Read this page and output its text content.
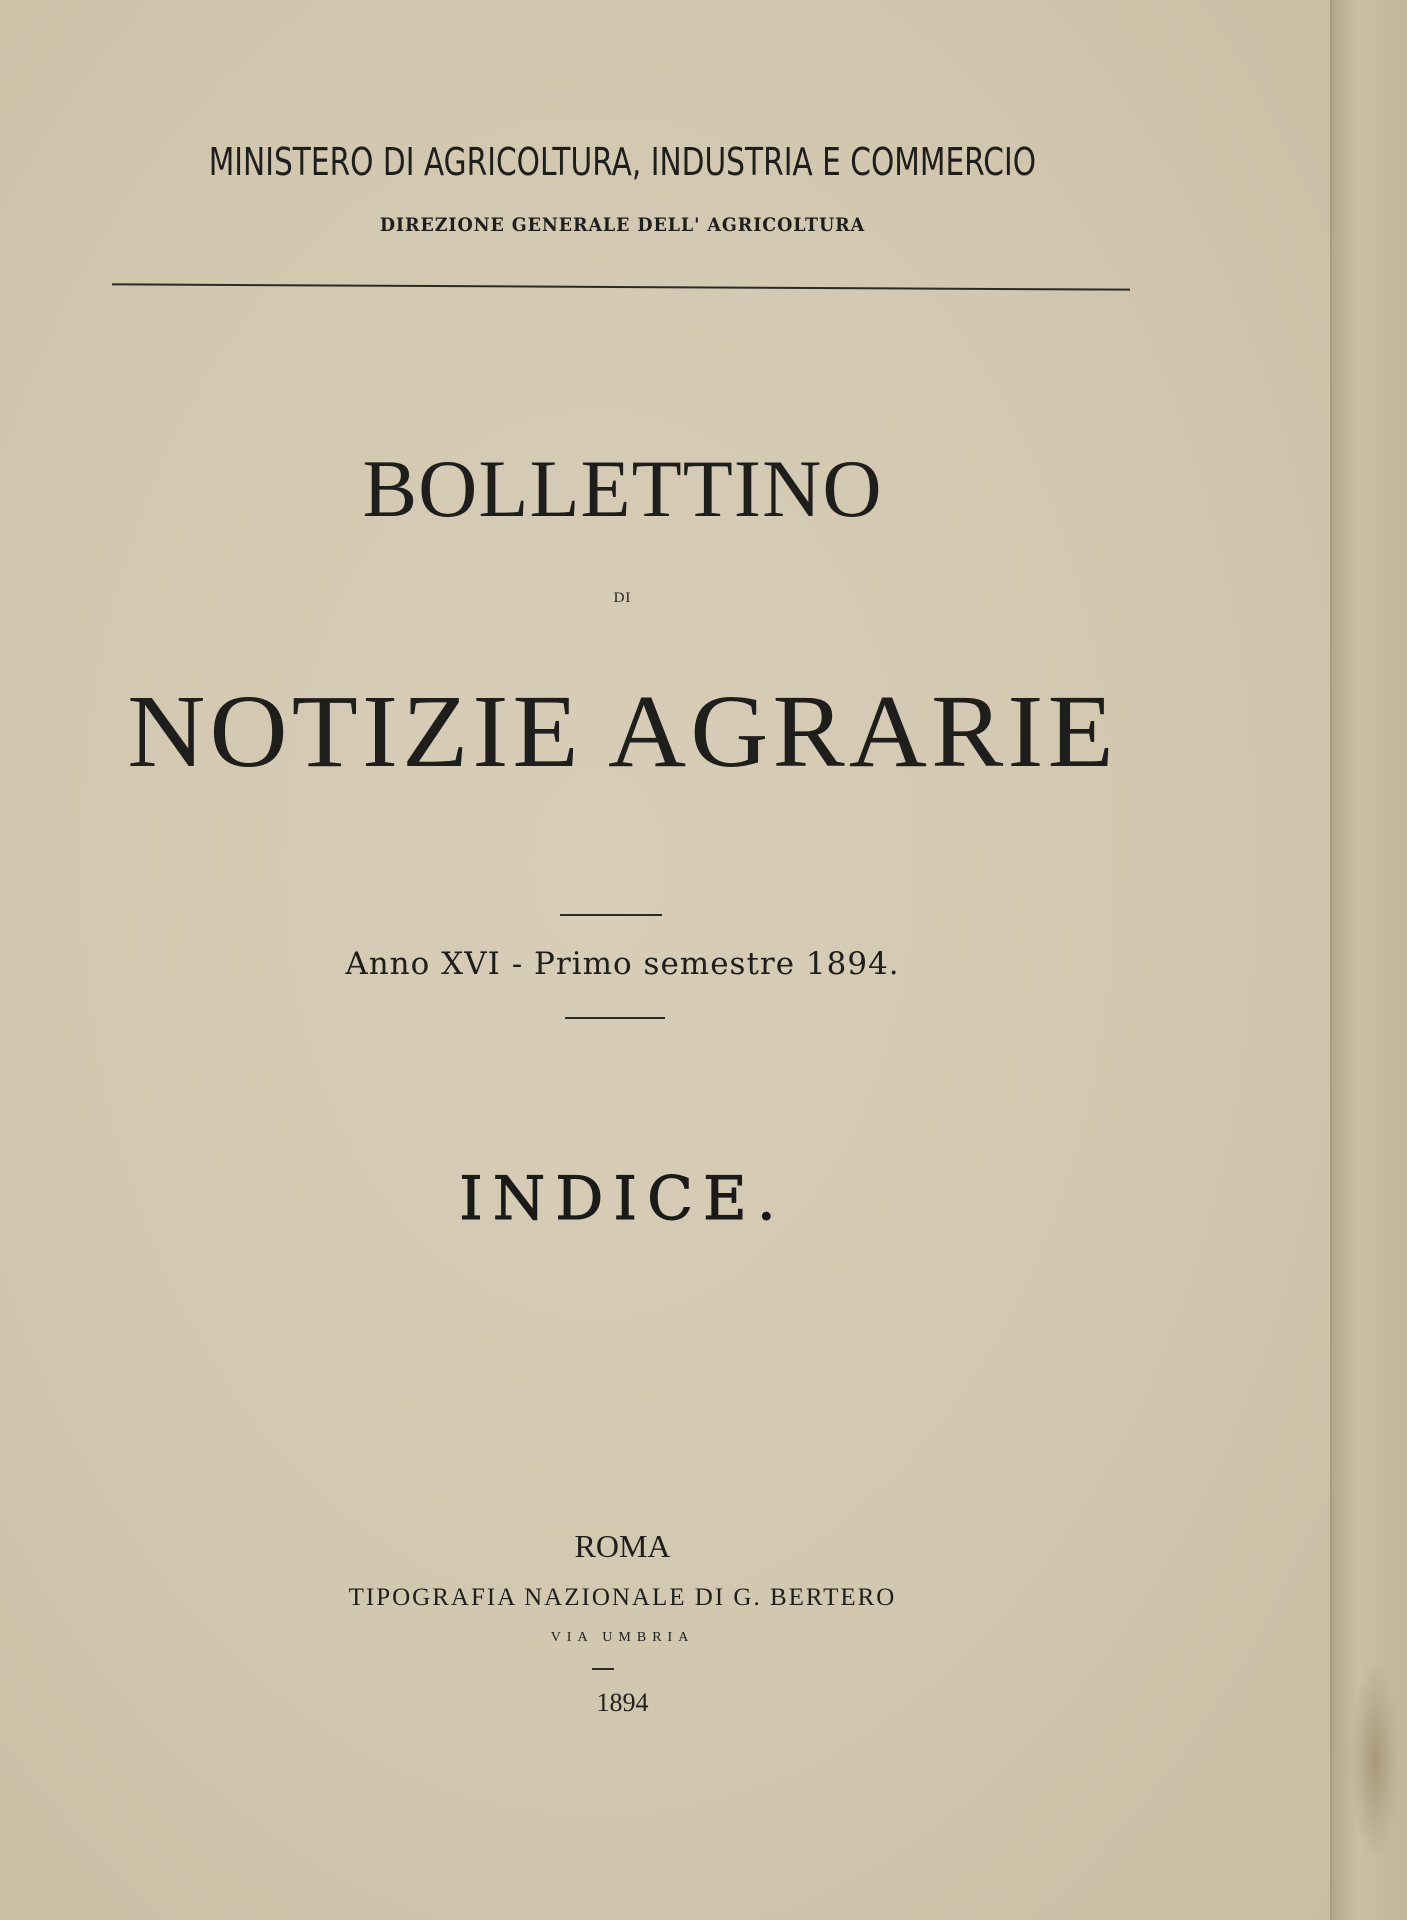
MINISTERO DI AGRICOLTURA, INDUSTRIA E COMMERCIO
DIREZIONE GENERALE DELL' AGRICOLTURA
BOLLETTINO
DI
NOTIZIE AGRARIE
Anno XVI - Primo semestre 1894.
INDICE.
ROMA
TIPOGRAFIA NAZIONALE DI G. BERTERO
VIA UMBRIA
1894
